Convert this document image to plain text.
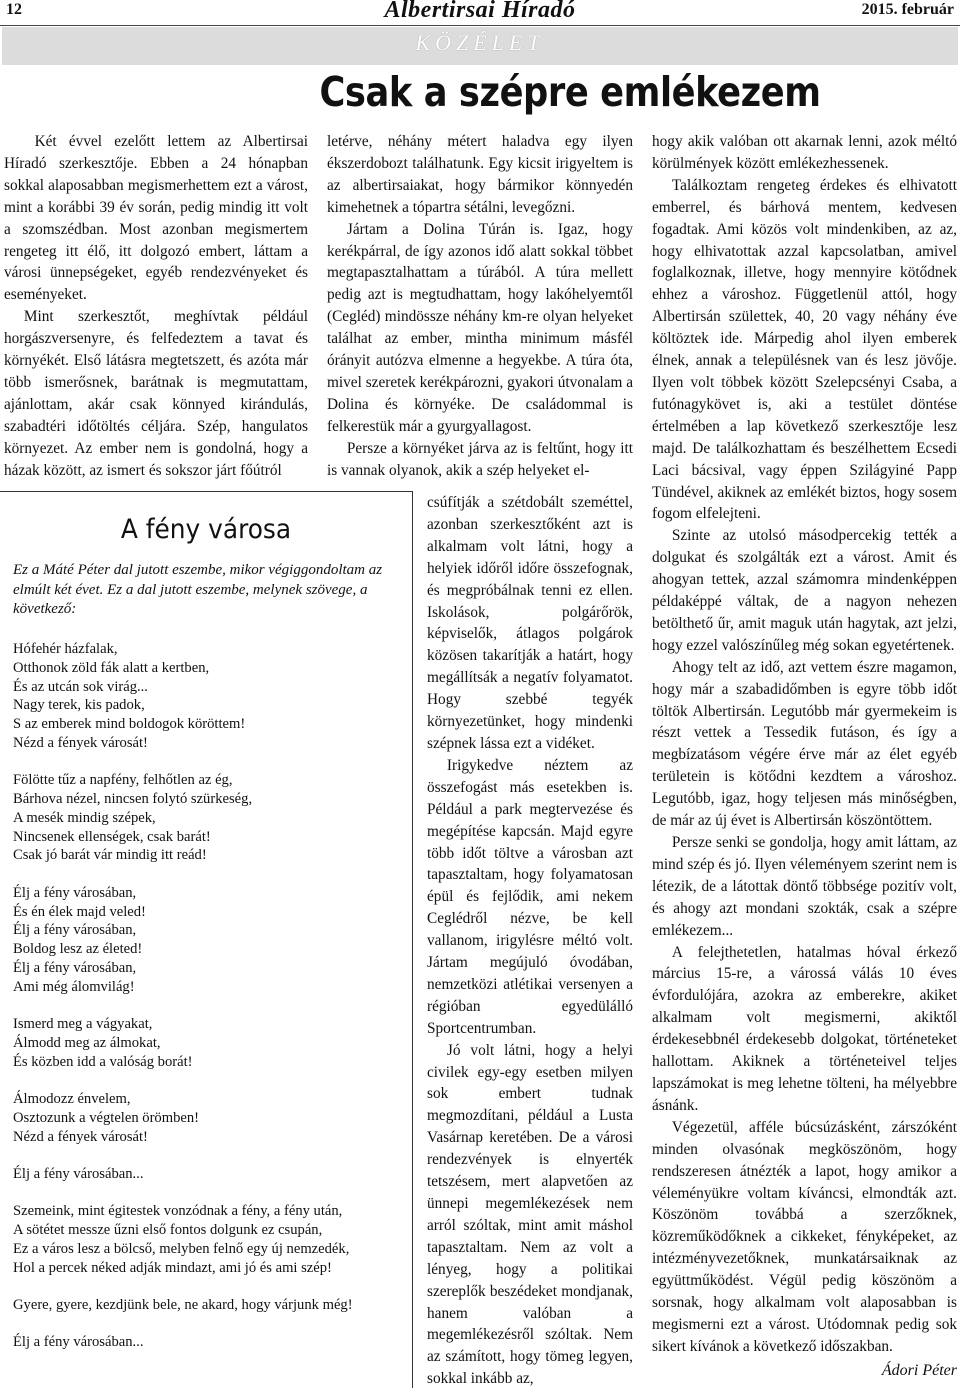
12	Albertirsai Híradó	2015. február
KÖZÉLET
Csak a szépre emlékezem

Két évvel ezelőtt lettem az Albertirsai Híradó szerkesztője. Ebben a 24 hónapban sokkal alaposabban megismerhettem ezt a várost, mint a korábbi 39 év során, pedig mindig itt volt a szomszédban. Most azonban megismertem rengeteg itt élő, itt dolgozó embert, láttam a városi ünnepségeket, egyéb rendezvényeket és eseményeket.

Mint szerkesztőt, meghívtak például horgászversenyre, és felfedeztem a tavat és környékét. Első látásra megtetszett, és azóta már több ismerősnek, barátnak is megmutattam, ajánlottam, akár csak könnyed kirándulás, szabadtéri időtöltés céljára. Szép, hangulatos környezet. Az ember nem is gondolná, hogy a házak között, az ismert és sokszor járt főútról

letérve, néhány métert haladva egy ilyen ékszerdobozt találhatunk. Egy kicsit irigyeltem is az albertirsaiakat, hogy bármikor könnyedén kimehetnek a tópartra sétálni, levegőzni.

Jártam a Dolina Túrán is. Igaz, hogy kerékpárral, de így azonos idő alatt sokkal többet megtapasztalhattam a túrából. A túra mellett pedig azt is megtudhattam, hogy lakóhelyemtől (Cegléd) mindössze néhány km-re olyan helyeket találhat az ember, mintha minimum másfél órányit autózva elmenne a hegyekbe. A túra óta, mivel szeretek kerékpározni, gyakori útvonalam a Dolina és környéke. De családommal is felkerestük már a gyurgyallagost.

Persze a környéket járva az is feltűnt, hogy itt is vannak olyanok, akik a szép helyeket el-

csúfítják a szétdobált szeméttel, azonban szerkesztőként azt is alkalmam volt látni, hogy a helyiek időről időre összefognak, és megpróbálnak tenni ez ellen. Iskolások, polgárőrök, képviselők, átlagos polgárok közösen takarítják a határt, hogy megállítsák a negatív folyamatot. Hogy szebbé tegyék környezetünket, hogy mindenki szépnek lássa ezt a vidéket.

Irigykedve néztem az összefogást más esetekben is. Például a park megtervezése és megépítése kapcsán. Majd egyre több időt töltve a városban azt tapasztaltam, hogy folyamatosan épül és fejlődik, ami nekem Ceglédről nézve, be kell vallanom, irigylésre méltó volt. Jártam megújuló óvodában, nemzetközi atlétikai versenyen a régióban egyedülálló Sportcentrumban.

Jó volt látni, hogy a helyi civilek egy-egy esetben milyen sok embert tudnak megmozdítani, például a Lusta Vasárnap keretében. De a városi rendezvények is elnyerték tetszésem, mert alapvetően az ünnepi megemlékezések nem arról szóltak, mint amit máshol tapasztaltam. Nem az volt a lényeg, hogy a politikai szereplők beszédeket mondjanak, hanem valóban a megemlékezésről szóltak. Nem az számított, hogy tömeg legyen, sokkal inkább az,

hogy akik valóban ott akarnak lenni, azok méltó körülmények között emlékezhessenek.

Találkoztam rengeteg érdekes és elhivatott emberrel, és bárhová mentem, kedvesen fogadtak. Ami közös volt mindenkiben, az az, hogy elhivatottak azzal kapcsolatban, amivel foglalkoznak, illetve, hogy mennyire kötődnek ehhez a városhoz. Függetlenül attól, hogy Albertirsán születtek, 40, 20 vagy néhány éve költöztek ide. Márpedig ahol ilyen emberek élnek, annak a településnek van és lesz jövője. Ilyen volt többek között Szelepcsényi Csaba, a futónagykövet is, aki a testület döntése értelmében a lap következő szerkesztője lesz majd. De találkozhattam és beszélhettem Ecsedi Laci bácsival, vagy éppen Szilágyiné Papp Tündével, akiknek az emlékét biztos, hogy sosem fogom elfelejteni.

Szinte az utolsó másodpercekig tették a dolgukat és szolgálták ezt a várost. Amit és ahogyan tettek, azzal számomra mindenképpen példaképpé váltak, de a nagyon nehezen betölthető űr, amit maguk után hagytak, azt jelzi, hogy ezzel valószínűleg még sokan egyetértenek.

Ahogy telt az idő, azt vettem észre magamon, hogy már a szabadidőmben is egyre több időt töltök Albertirsán. Legutóbb már gyermekeim is részt vettek a Tessedik futáson, és így a megbízatásom végére érve már az élet egyéb területein is kötődni kezdtem a városhoz. Legutóbb, igaz, hogy teljesen más minőségben, de már az új évet is Albertirsán köszöntöttem.

Persze senki se gondolja, hogy amit láttam, az mind szép és jó. Ilyen véleményem szerint nem is létezik, de a látottak döntő többsége pozitív volt, és ahogy azt mondani szokták, csak a szépre emlékezem...

A felejthetetlen, hatalmas hóval érkező március 15-re, a várossá válás 10 éves évfordulójára, azokra az emberekre, akiket alkalmam volt megismerni, akiktől érdekesebbnél érdekesebb dolgokat, történeteket hallottam. Akiknek a történeteivel teljes lapszámokat is meg lehetne tölteni, ha mélyebbre ásnánk.

Végezetül, afféle búcsúzásként, zárszóként minden olvasónak megköszönöm, hogy rendszeresen átnézték a lapot, hogy amikor a véleményükre voltam kíváncsi, elmondták azt. Köszönöm továbbá a szerzőknek, közreműködőknek a cikkeket, fényképeket, az intézményvezetőknek, munkatársaiknak az együttműködést. Végül pedig köszönöm a sorsnak, hogy alkalmam volt alaposabban is megismerni ezt a várost. Utódomnak pedig sok sikert kívánok a következő időszakban.

Ádori Péter
A fény városa
Ez a Máté Péter dal jutott eszembe, mikor végiggondoltam az elmúlt két évet. Ez a dal jutott eszembe, melynek szövege, a következő:
Hófehér házfalak,
Otthonok zöld fák alatt a kertben,
És az utcán sok virág...
Nagy terek, kis padok,
S az emberek mind boldogok köröttem!
Nézd a fények városát!
Fölötte tűz a napfény, felhőtlen az ég,
Bárhova nézel, nincsen folytó szürkeség,
A mesék mindig szépek,
Nincsenek ellenségek, csak barát!
Csak jó barát vár mindig itt reád!
Élj a fény városában,
És én élek majd veled!
Élj a fény városában,
Boldog lesz az életed!
Élj a fény városában,
Ami még álomvilág!
Ismerd meg a vágyakat,
Álmodd meg az álmokat,
És közben idd a valóság borát!
Álmodozz énvelem,
Osztozunk a végtelen örömben!
Nézd a fények városát!
Élj a fény városában...
Szemeink, mint égitestek vonzódnak a fény, a fény után,
A sötétet messze űzni első fontos dolgunk ez csupán,
Ez a város lesz a bölcső, melyben felnő egy új nemzedék,
Hol a percek néked adják mindazt, ami jó és ami szép!
Gyere, gyere, kezdjünk bele, ne akard, hogy várjunk még!
Élj a fény városában...
